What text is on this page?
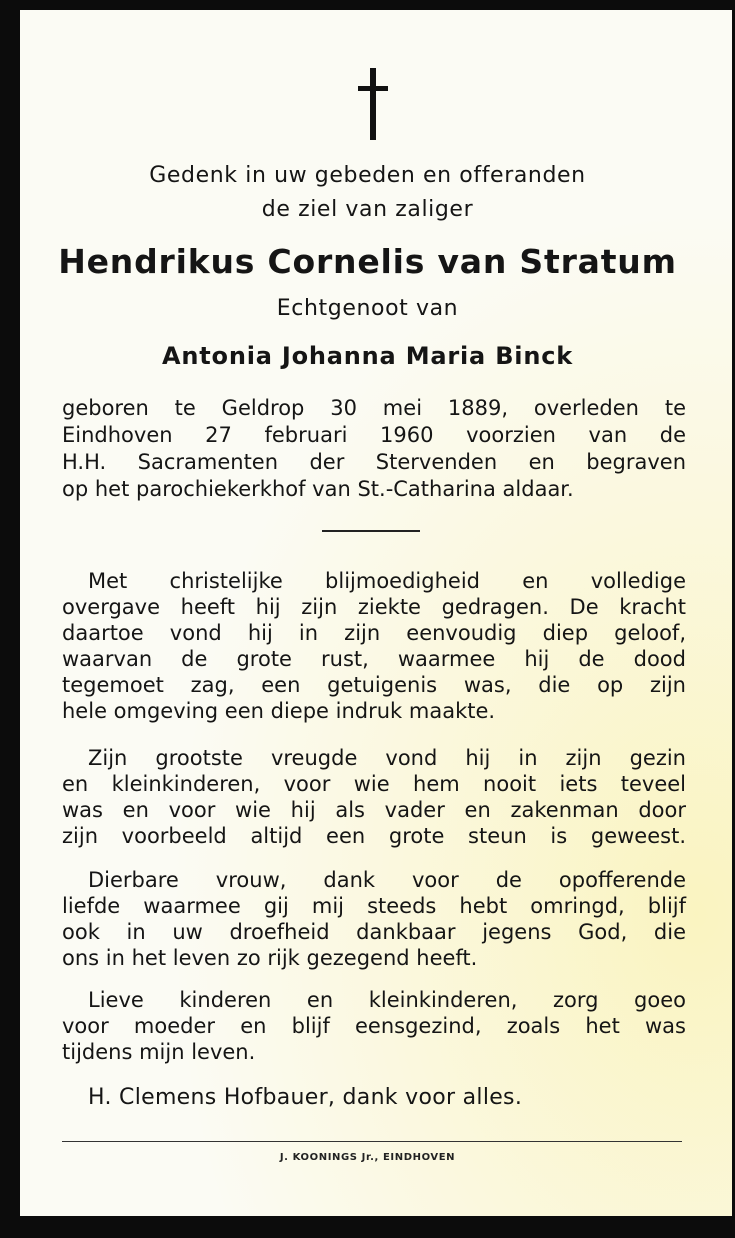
Gedenk in uw gebeden en offeranden
de ziel van zaliger
Hendrikus Cornelis van Stratum
Echtgenoot van
Antonia Johanna Maria Binck
geboren te Geldrop 30 mei 1889, overleden te
Eindhoven 27 februari 1960 voorzien van de
H.H. Sacramenten der Stervenden en begraven
op het parochiekerkhof van St.-Catharina aldaar.
Met christelijke blijmoedigheid en volledige
overgave heeft hij zijn ziekte gedragen. De kracht
daartoe vond hij in zijn eenvoudig diep geloof,
waarvan de grote rust, waarmee hij de dood
tegemoet zag, een getuigenis was, die op zijn
hele omgeving een diepe indruk maakte.
Zijn grootste vreugde vond hij in zijn gezin
en kleinkinderen, voor wie hem nooit iets teveel
was en voor wie hij als vader en zakenman door
zijn voorbeeld altijd een grote steun is geweest.
Dierbare vrouw, dank voor de opofferende
liefde waarmee gij mij steeds hebt omringd, blijf
ook in uw droefheid dankbaar jegens God, die
ons in het leven zo rijk gezegend heeft.
Lieve kinderen en kleinkinderen, zorg goeo
voor moeder en blijf eensgezind, zoals het was
tijdens mijn leven.
H. Clemens Hofbauer, dank voor alles.
J. KOONINGS Jr., EINDHOVEN
